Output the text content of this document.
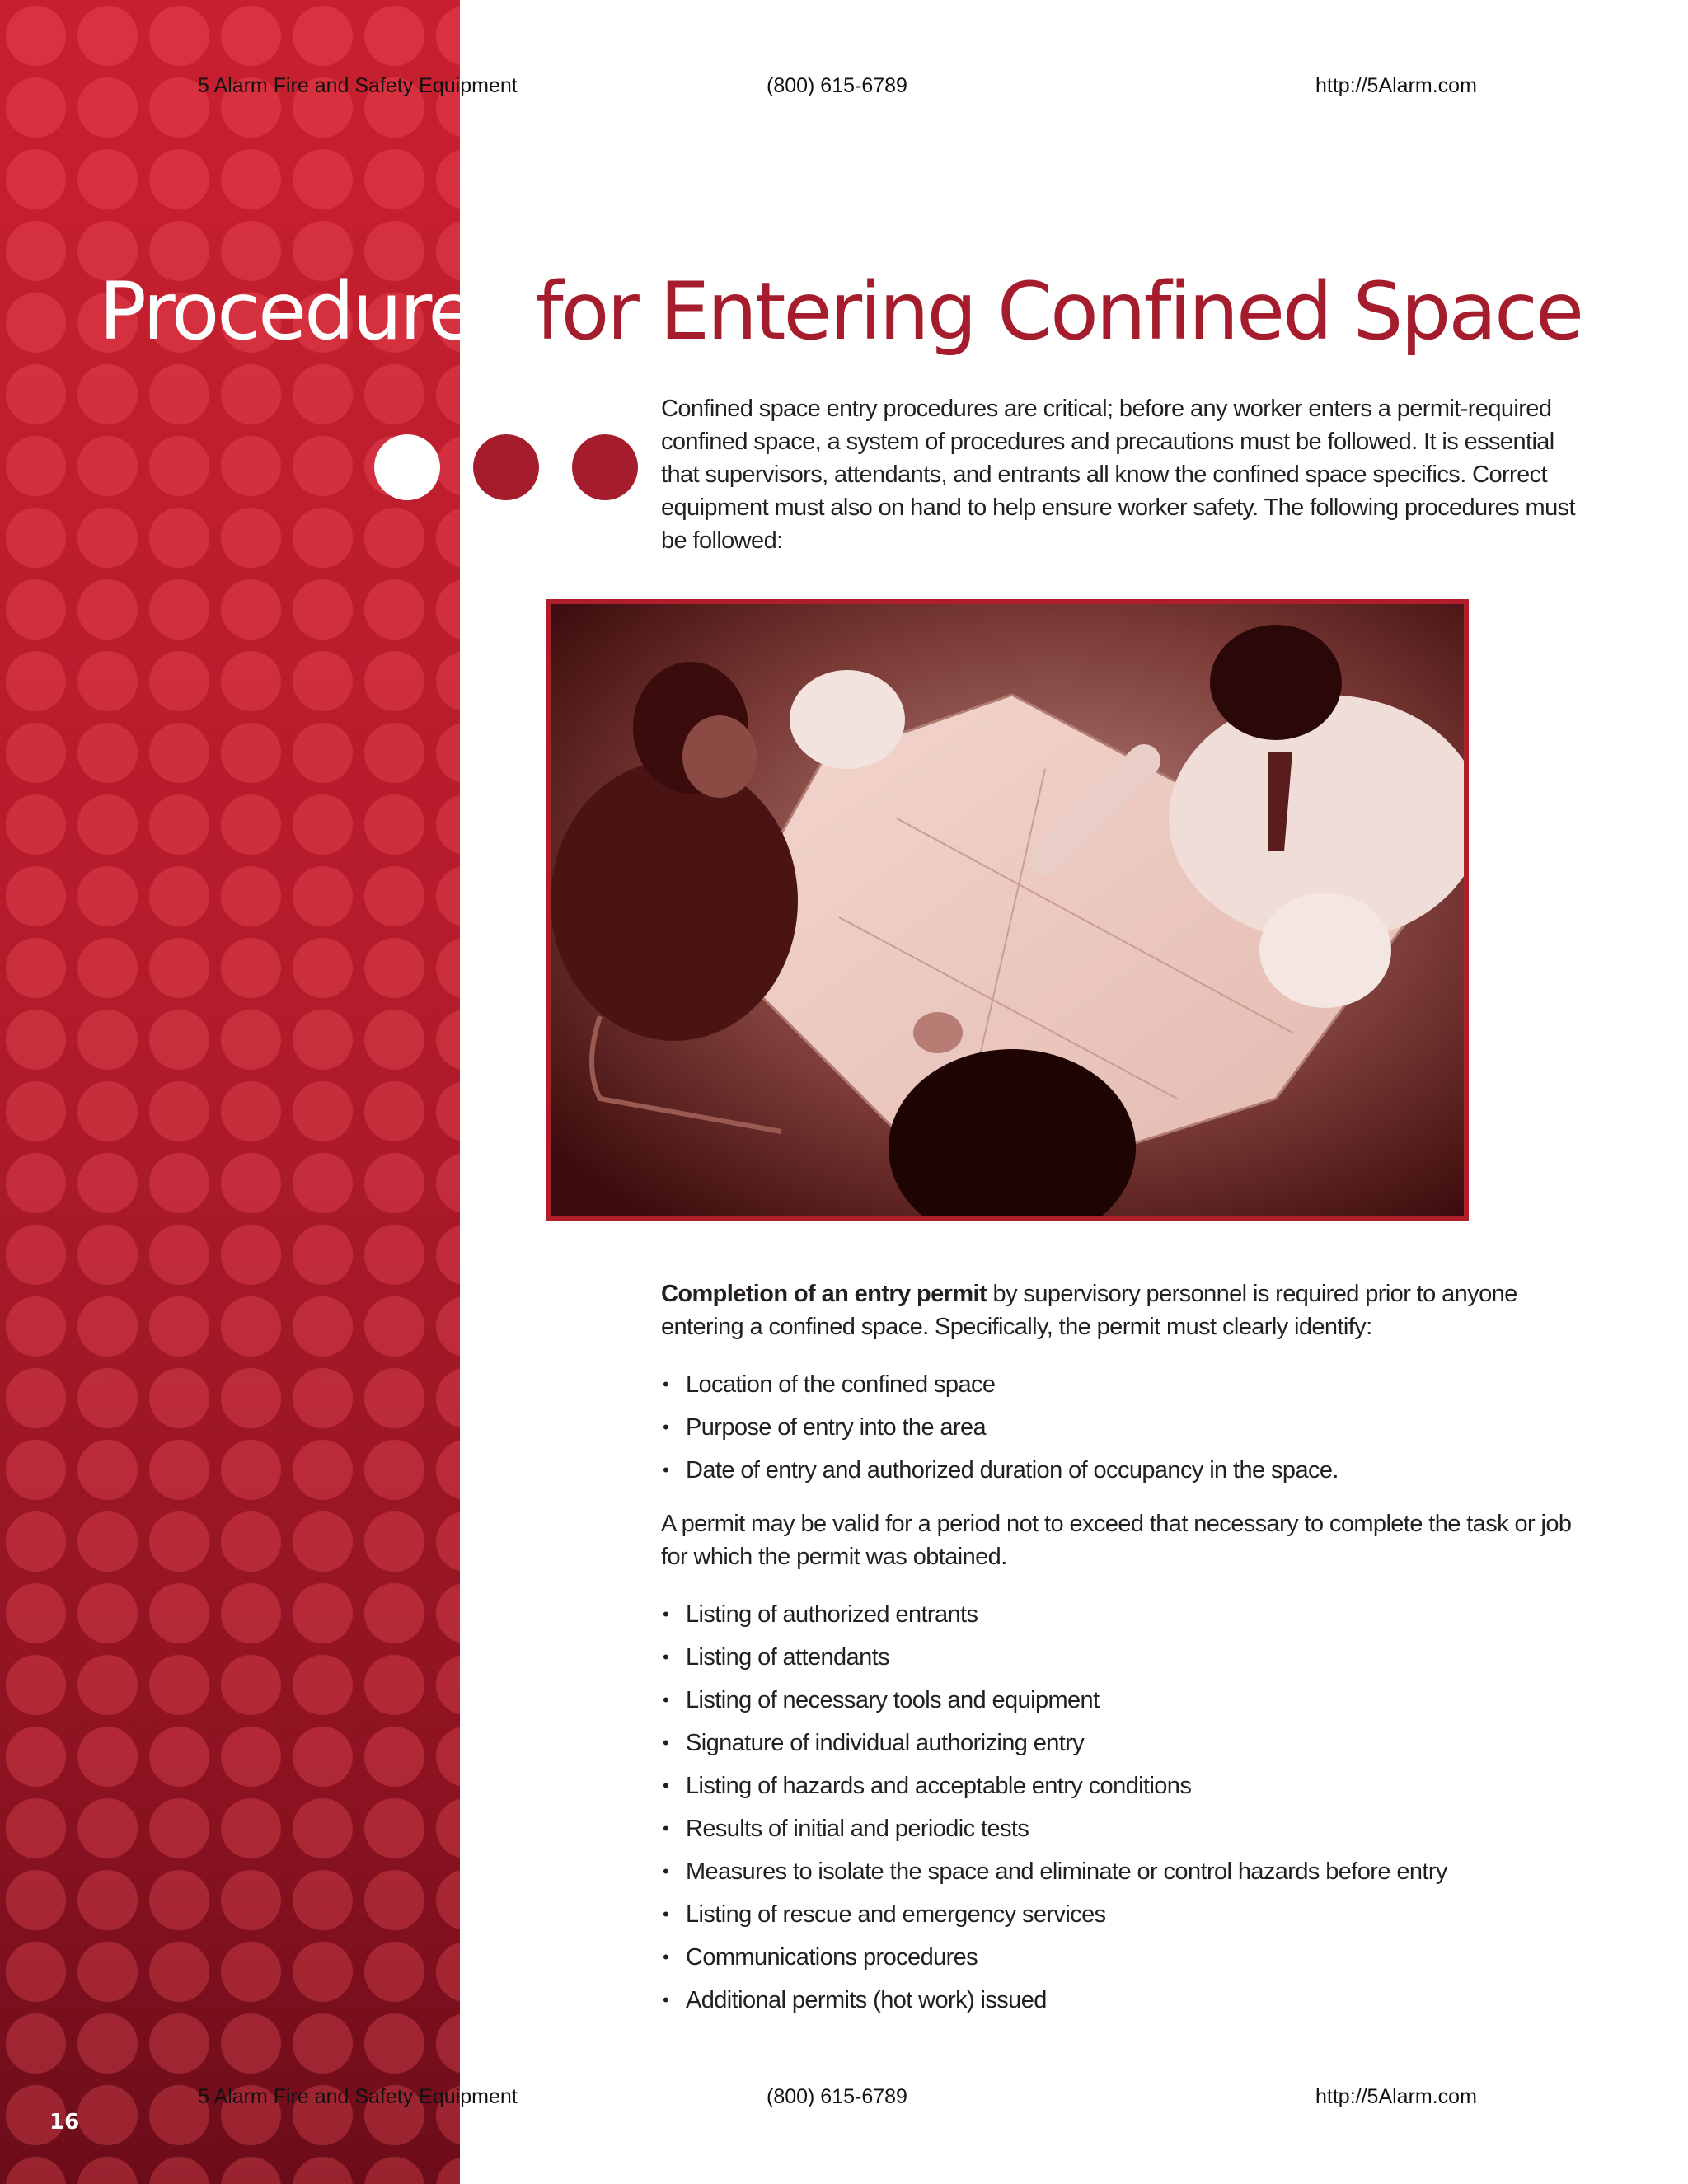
5 Alarm Fire and Safety Equipment	(800) 615-6789	http://5Alarm.com
Procedures for Entering Confined Space
Confined space entry procedures are critical; before any worker enters a permit-required confined space, a system of procedures and precautions must be followed. It is essential that supervisors, attendants, and entrants all know the confined space specifics. Correct equipment must also on hand to help ensure worker safety. The following procedures must be followed:
Completion of an entry permit by supervisory personnel is required prior to anyone entering a confined space. Specifically, the permit must clearly identify:
• Location of the confined space
• Purpose of entry into the area
• Date of entry and authorized duration of occupancy in the space.
A permit may be valid for a period not to exceed that necessary to complete the task or job for which the permit was obtained.
• Listing of authorized entrants
• Listing of attendants
• Listing of necessary tools and equipment
• Signature of individual authorizing entry
• Listing of hazards and acceptable entry conditions
• Results of initial and periodic tests
• Measures to isolate the space and eliminate or control hazards before entry
• Listing of rescue and emergency services
• Communications procedures
• Additional permits (hot work) issued
5 Alarm Fire and Safety Equipment	(800) 615-6789	http://5Alarm.com
16
